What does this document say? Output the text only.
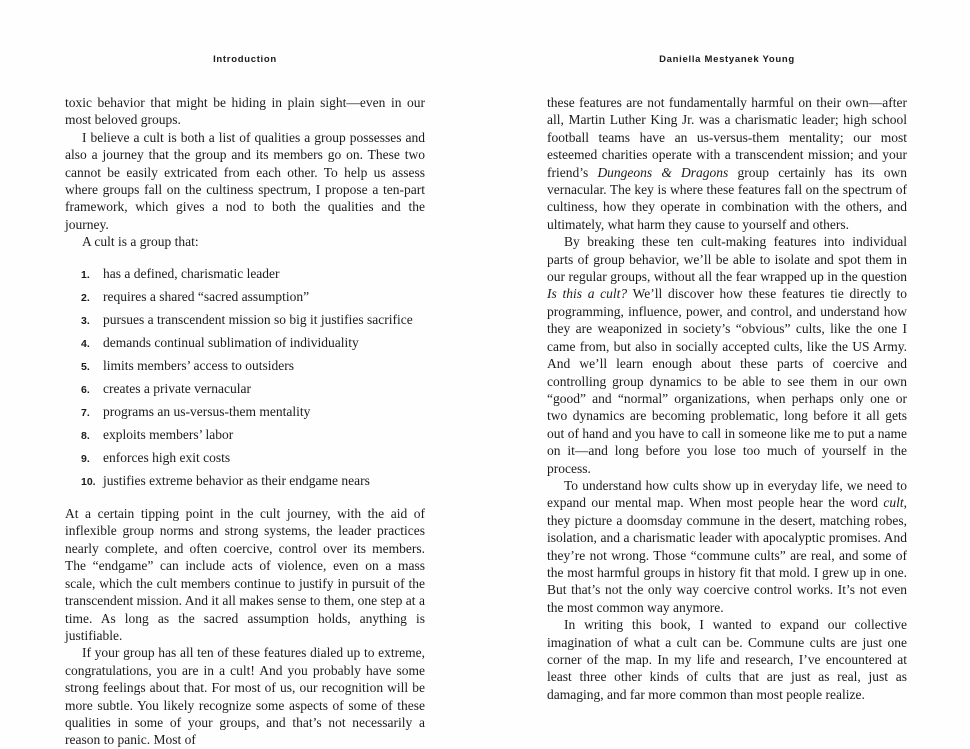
Introduction

toxic behavior that might be hiding in plain sight—even in our most beloved groups.

I believe a cult is both a list of qualities a group possesses and also a journey that the group and its members go on. These two cannot be easily extricated from each other. To help us assess where groups fall on the cultiness spectrum, I propose a ten-part framework, which gives a nod to both the qualities and the journey.

A cult is a group that:

1. has a defined, charismatic leader
2. requires a shared “sacred assumption”
3. pursues a transcendent mission so big it justifies sacrifice
4. demands continual sublimation of individuality
5. limits members’ access to outsiders
6. creates a private vernacular
7. programs an us-versus-them mentality
8. exploits members’ labor
9. enforces high exit costs
10. justifies extreme behavior as their endgame nears

At a certain tipping point in the cult journey, with the aid of inflexible group norms and strong systems, the leader practices nearly complete, and often coercive, control over its members. The “endgame” can include acts of violence, even on a mass scale, which the cult members continue to justify in pursuit of the transcendent mission. And it all makes sense to them, one step at a time. As long as the sacred assumption holds, anything is justifiable.

If your group has all ten of these features dialed up to extreme, congratulations, you are in a cult! And you probably have some strong feelings about that. For most of us, our recognition will be more subtle. You likely recognize some aspects of some of these qualities in some of your groups, and that’s not necessarily a reason to panic. Most of

Daniella Mestyanek Young

these features are not fundamentally harmful on their own—after all, Martin Luther King Jr. was a charismatic leader; high school football teams have an us-versus-them mentality; our most esteemed charities operate with a transcendent mission; and your friend’s Dungeons & Dragons group certainly has its own vernacular. The key is where these features fall on the spectrum of cultiness, how they operate in combination with the others, and ultimately, what harm they cause to yourself and others.

By breaking these ten cult-making features into individual parts of group behavior, we’ll be able to isolate and spot them in our regular groups, without all the fear wrapped up in the question Is this a cult? We’ll discover how these features tie directly to programming, influence, power, and control, and understand how they are weaponized in society’s “obvious” cults, like the one I came from, but also in socially accepted cults, like the US Army. And we’ll learn enough about these parts of coercive and controlling group dynamics to be able to see them in our own “good” and “normal” organizations, when perhaps only one or two dynamics are becoming problematic, long before it all gets out of hand and you have to call in someone like me to put a name on it—and long before you lose too much of yourself in the process.

To understand how cults show up in everyday life, we need to expand our mental map. When most people hear the word cult, they picture a doomsday commune in the desert, matching robes, isolation, and a charismatic leader with apocalyptic promises. And they’re not wrong. Those “commune cults” are real, and some of the most harmful groups in history fit that mold. I grew up in one. But that’s not the only way coercive control works. It’s not even the most common way anymore.

In writing this book, I wanted to expand our collective imagination of what a cult can be. Commune cults are just one corner of the map. In my life and research, I’ve encountered at least three other kinds of cults that are just as real, just as damaging, and far more common than most people realize.
